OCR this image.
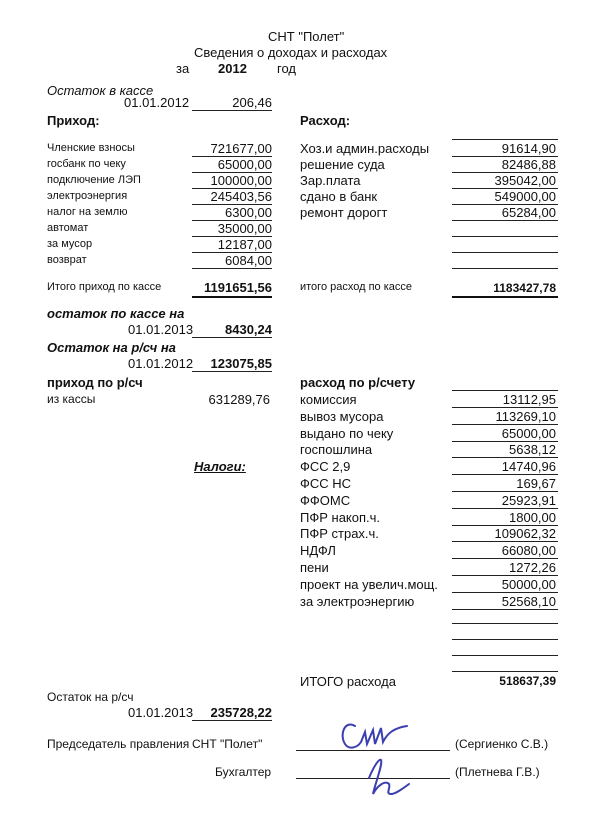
СНТ "Полет"
Сведения о доходах и расходах
за 2012 год
Остаток в кассе
01.01.2012	206,46
Приход:
Членские взносы	721677,00
госбанк по чеку	65000,00
подключение ЛЭП	100000,00
электроэнергия	245403,56
налог на землю	6300,00
автомат	35000,00
за мусор	12187,00
возврат	6084,00
Итого приход по кассе	1191651,56
Расход:
Хоз.и админ.расходы	91614,90
решение суда	82486,88
Зар.плата	395042,00
сдано в банк	549000,00
ремонт дорогт	65284,00
итого расход по кассе	1183427,78
остаток по кассе на
01.01.2013	8430,24
Остаток на р/сч на
01.01.2012	123075,85
приход по р/сч
из кассы	631289,76
расход по р/счету
Налоги:
комиссия	13112,95
вывоз мусора	113269,10
выдано по чеку	65000,00
госпошлина	5638,12
ФСС 2,9	14740,96
ФСС НС	169,67
ФФОМС	25923,91
ПФР накоп.ч.	1800,00
ПФР страх.ч.	109062,32
НДФЛ	66080,00
пени	1272,26
проект на увелич.мощ.	50000,00
за электроэнергию	52568,10
ИТОГО расхода	518637,39
Остаток на р/сч
01.01.2013	235728,22
Председатель правления СНТ "Полет"	(Сергиенко С.В.)
Бухгалтер	(Плетнева Г.В.)
